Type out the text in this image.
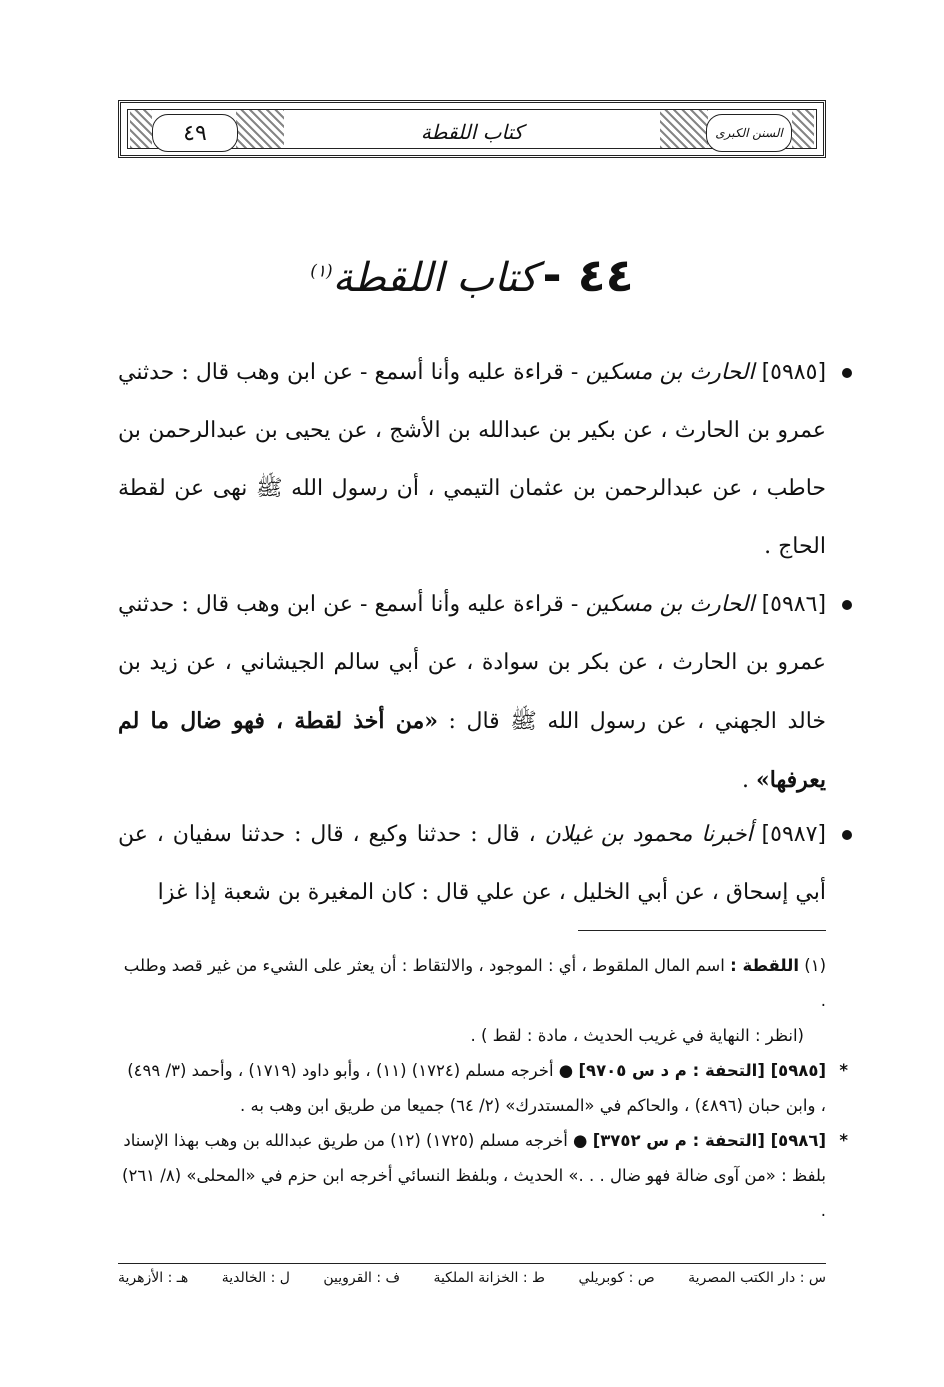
٤٩	كتاب اللقطة	السنن الكبرى
٤٤ - كتاب اللقطة$^{(١)}$
[٥٩٨٥] الحارث بن مسكين - قراءة عليه وأنا أسمع - عن ابن وهب قال : حدثني عمرو بن الحارث ، عن بكير بن عبدالله بن الأشج ، عن يحيى بن عبدالرحمن بن حاطب ، عن عبدالرحمن بن عثمان التيمي ، أن رسول الله ﷺ نهى عن لقطة الحاج .
[٥٩٨٦] الحارث بن مسكين - قراءة عليه وأنا أسمع - عن ابن وهب قال : حدثني عمرو بن الحارث ، عن بكر بن سوادة ، عن أبي سالم الجيشاني ، عن زيد بن خالد الجهني ، عن رسول الله ﷺ قال : «من أخذ لقطة ، فهو ضال ما لم يعرفها» .
[٥٩٨٧] أخبرنا محمود بن غيلان ، قال : حدثنا وكيع ، قال : حدثنا سفيان ، عن أبي إسحاق ، عن أبي الخليل ، عن علي قال : كان المغيرة بن شعبة إذا غزا

(١) اللقطة : اسم المال الملقوط ، أي : الموجود ، والالتقاط : أن يعثر على الشيء من غير قصد وطلب .

(انظر : النهاية في غريب الحديث ، مادة : لقط ) .

*
[٥٩٨٥] [التحفة : م د س ٩٧٠٥] ● أخرجه مسلم (١٧٢٤) (١١) ، وأبو داود (١٧١٩) ، وأحمد (٣/ ٤٩٩) ، وابن حبان (٤٨٩٦) ، والحاكم في «المستدرك» (٢/ ٦٤) جميعا من طريق ابن وهب به .

*
[٥٩٨٦] [التحفة : م س ٣٧٥٢] ● أخرجه مسلم (١٧٢٥) (١٢) من طريق عبدالله بن وهب بهذا الإسناد بلفظ : «من آوى ضالة فهو ضال . . .» الحديث ، وبلفظ النسائي أخرجه ابن حزم في «المحلى» (٨/ ٢٦١) .

س : دار الكتب المصرية
ص : كوبريلي
ط : الخزانة الملكية
ف : القرويين
ل : الخالدية
هـ : الأزهرية
